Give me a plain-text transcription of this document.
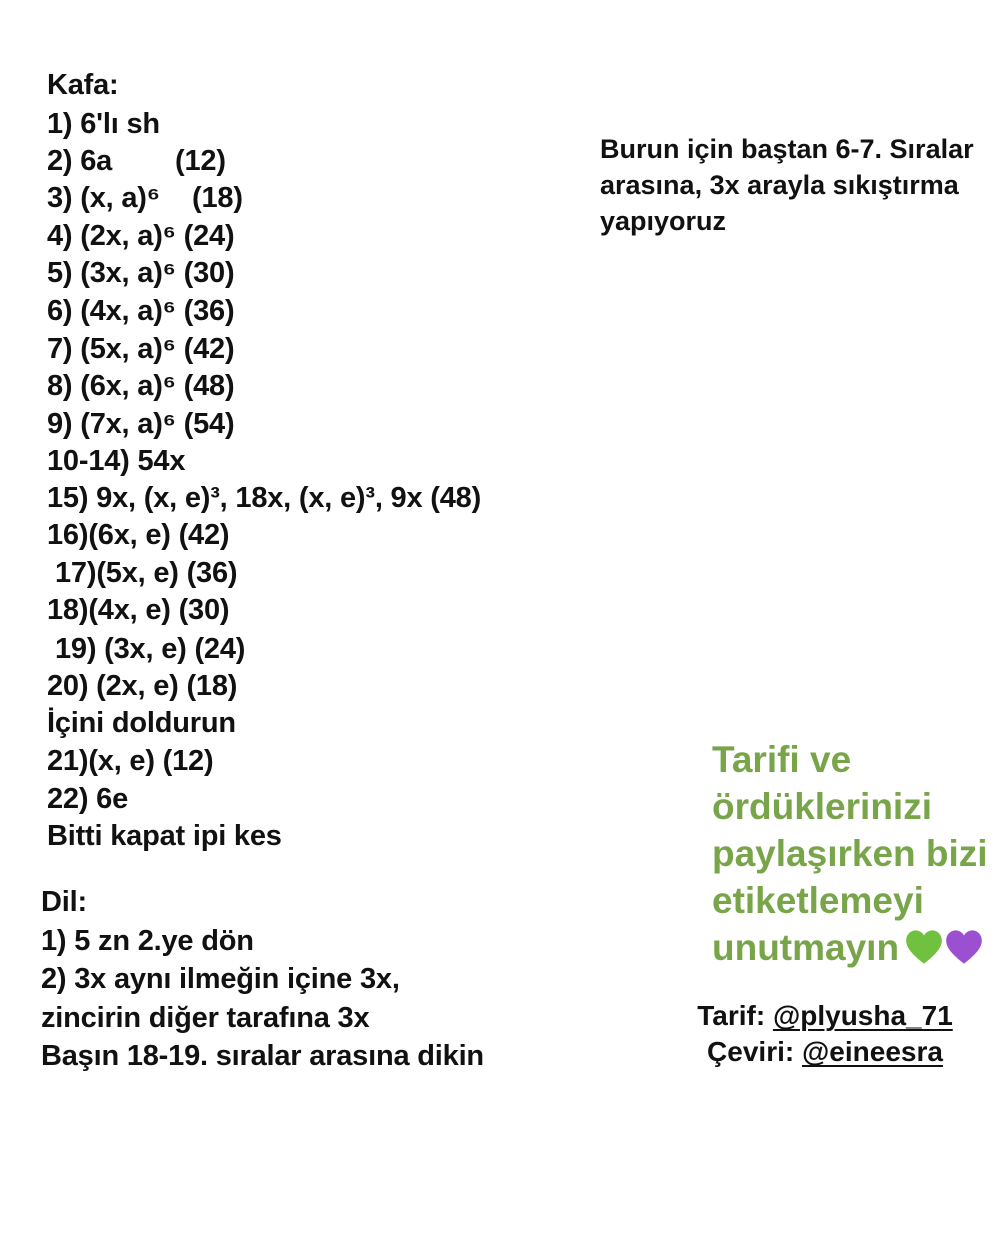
Kafa:
1) 6'lı sh
2) 6a (12)
3) (x, a)⁶ (18)
4) (2x, a)⁶ (24)
5) (3x, a)⁶ (30)
6) (4x, a)⁶ (36)
7) (5x, a)⁶ (42)
8) (6x, a)⁶ (48)
9) (7x, a)⁶ (54)
10-14) 54x
15) 9x, (x, e)³, 18x, (x, e)³, 9x (48)
16)(6x, e) (42)
17)(5x, e) (36)
18)(4x, e) (30)
19) (3x, e) (24)
20) (2x, e) (18)
İçini doldurun
21)(x, e) (12)
22) 6e
Bitti kapat ipi kes
Dil:
1) 5 zn 2.ye dön
2) 3x aynı ilmeğin içine 3x,
zincirin diğer tarafına 3x
Başın 18-19. sıralar arasına dikin
Burun için baştan 6-7. Sıralar
arasına, 3x arayla sıkıştırma
yapıyoruz
Tarifi ve
ördüklerinizi
paylaşırken bizi
etiketlemeyi
unutmayın
Tarif: @plyusha_71
Çeviri: @eineesra
